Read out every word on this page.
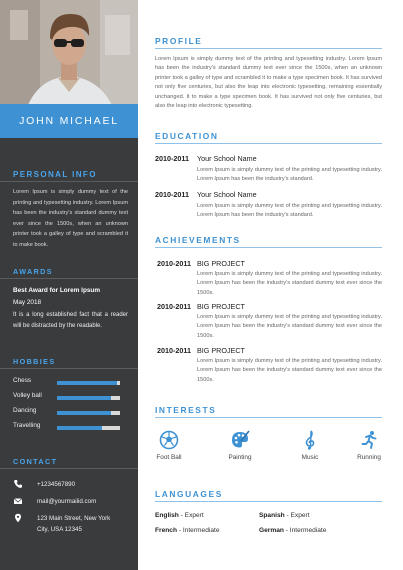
JOHN MICHAEL
PERSONAL INFO
Lorem Ipsum is simply dummy text of the printing and typesetting industry. Lorem Ipsum has been the industry's standard dummy text ever since the 1500s, when an unknown printer took a galley of type and scrambled it to make book.
AWARDS
Best Award for Lorem Ipsum
May 2018
It is a long established fact that a reader will be distracted by the readable.
HOBBIES
Chess
Volley ball
Dancing
Travelling
CONTACT
+1234567890
mail@yourmailid.com
123 Main Street, New York
City, USA 12345
PROFILE
Lorem Ipsum is simply dummy text of the printing and typesetting industry. Lorem Ipsum has been the industry's standard dummy text ever since the 1500s, when an unknown printer took a galley of type and scrambled it to make a type specimen book. It has survived not only five centuries, but also the leap into electronic typesetting, remaining essentially unchanged. It to make a type specimen book. It has survived not only five centuries, but also the leap into electronic typesetting.
EDUCATION
2010-2011 Your School Name
Lorem Ipsum is simply dummy text of the printing and typesetting industry. Lorem Ipsum has been the industry's standard.
2010-2011 Your School Name
Lorem Ipsum is simply dummy text of the printing and typesetting industry. Lorem Ipsum has been the industry's standard.
ACHIEVEMENTS
2010-2011 BIG PROJECT
Lorem Ipsum is simply dummy text of the printing and typesetting industry. Lorem Ipsum has been the industry's standard dummy text ever since the 1500s.
2010-2011 BIG PROJECT
Lorem Ipsum is simply dummy text of the printing and typesetting industry. Lorem Ipsum has been the industry's standard dummy text ever since the 1500s.
2010-2011 BIG PROJECT
Lorem Ipsum is simply dummy text of the printing and typesetting industry. Lorem Ipsum has been the industry's standard dummy text ever since the 1500s.
INTERESTS
Foot Ball	Painting	Music	Running
LANGUAGES
English - Expert	Spanish - Expert
French - Intermediate	German - Intermediate
